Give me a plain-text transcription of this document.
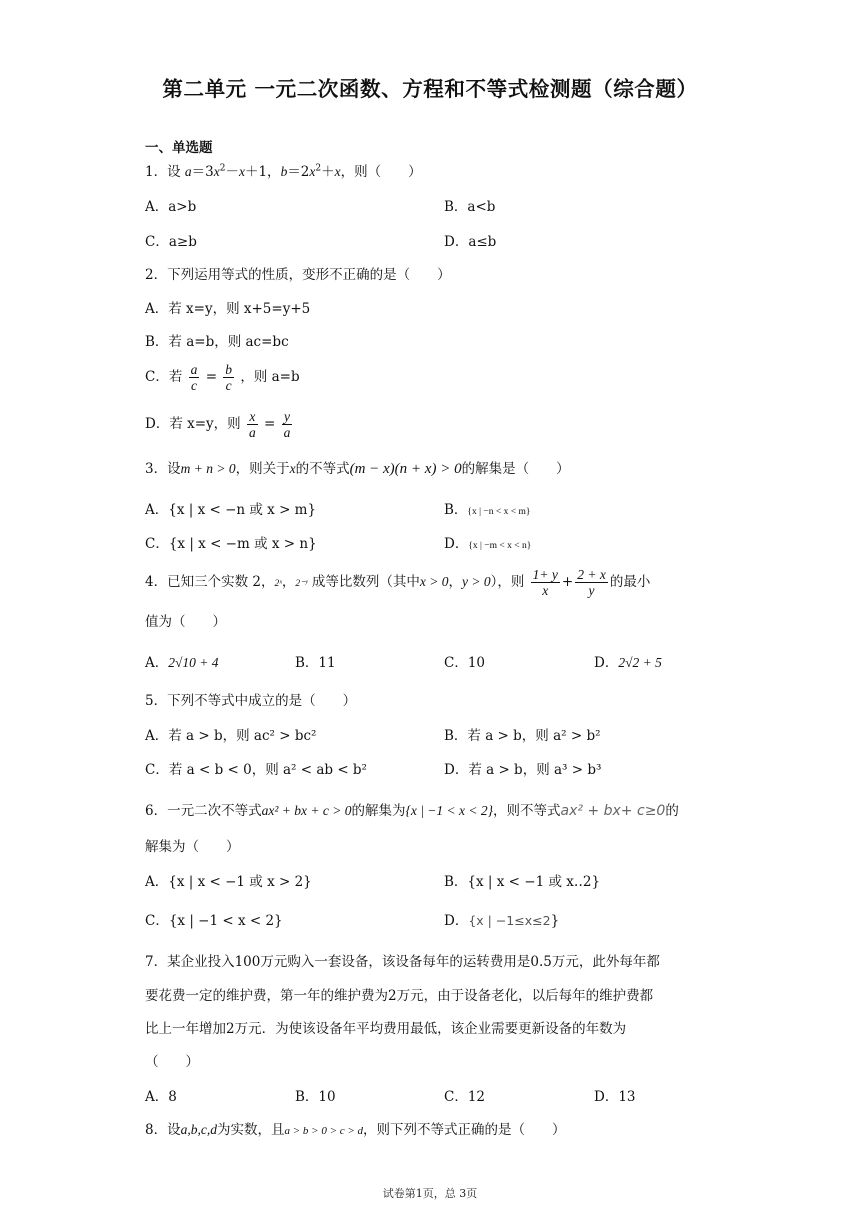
第二单元 一元二次函数、方程和不等式检测题（综合题）
一、单选题
1．设 $a=3x^2-x+1$，$b=2x^2+x$，则（　　）
A．a>b	B．a<b
C．a≥b	D．a≤b
2．下列运用等式的性质，变形不正确的是（　　）
A．若 x=y，则 x+5=y+5
B．若 a=b，则 ac=bc
C．若 $\frac{a}{c} = \frac{b}{c}$ ，则 a=b
D．若 x=y，则 $\frac{x}{a} = \frac{y}{a}$
3．设m + n > 0，则关于x的不等式(m − x)(n + x) > 0的解集是（　　）
A．{x | x < −n 或 x > m}	B．{x | −n < x < m}
C．{x | x < −m 或 x > n}	D．{x | −m < x < n}
4．已知三个实数 2，2ˣ，2⁻ʸ 成等比数列（其中x > 0，y > 0），则 $\frac{1+ y}{x} + \frac{2 + x}{y}$ 的最小
值为（　　）
A．2√10 + 4	B．11	C．10	D．2√2 + 5
5．下列不等式中成立的是（　　）
A．若 a > b，则 ac² > bc²	B．若 a > b，则 a² > b²
C．若 a < b < 0，则 a² < ab < b²	D．若 a > b，则 a³ > b³
6．一元二次不等式ax² + bx + c > 0的解集为{x | −1 < x < 2}，则不等式ax² + bx+ c≥0的
解集为（　　）
A．{x | x < −1 或 x > 2}	B．{x | x < −1 或 x‥2}
C．{x | −1 < x < 2}	D．{x | −1≤x≤2}
7．某企业投入100万元购入一套设备，该设备每年的运转费用是0.5万元，此外每年都
要花费一定的维护费，第一年的维护费为2万元，由于设备老化，以后每年的维护费都
比上一年增加2万元．为使该设备年平均费用最低，该企业需要更新设备的年数为
（　　）
A．8	B．10	C．12	D．13
8．设a,b,c,d为实数，且a > b > 0 > c > d，则下列不等式正确的是（　　）
试卷第1页，总 3页
